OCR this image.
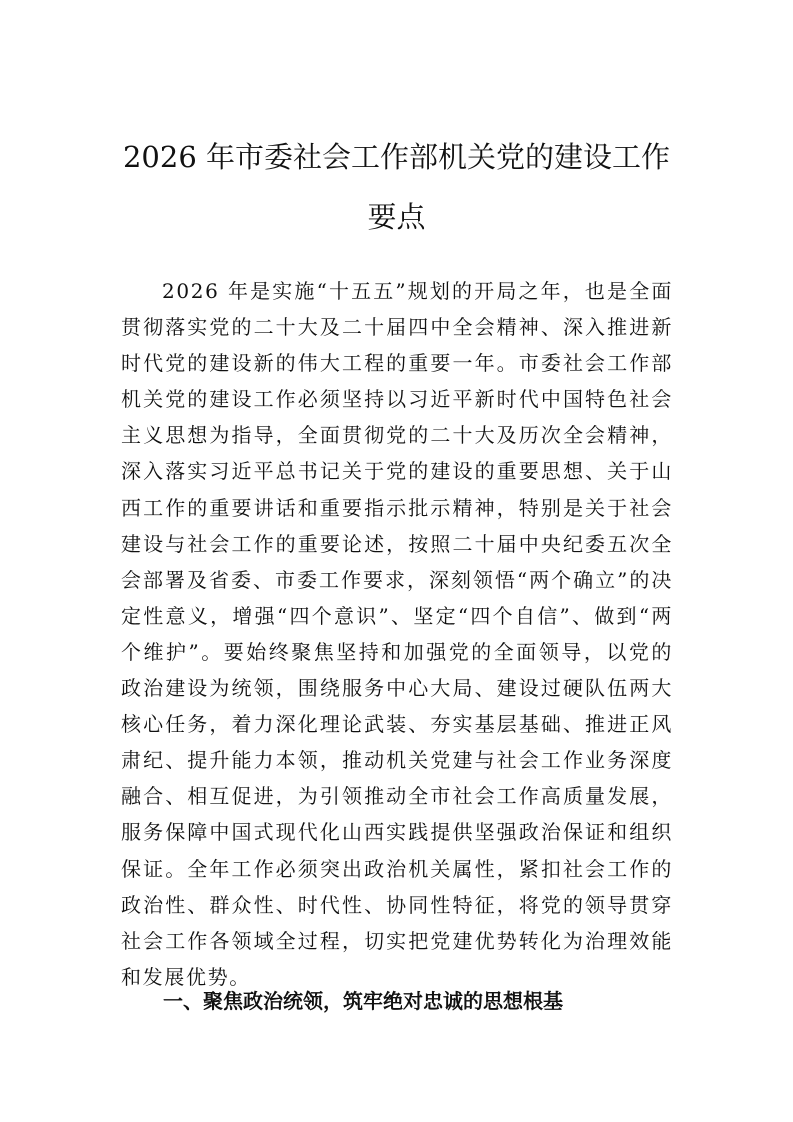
2026 年市委社会工作部机关党的建设工作
要点

2026 年是实施“十五五”规划的开局之年，也是全面贯彻落实党的二十大及二十届四中全会精神、深入推进新时代党的建设新的伟大工程的重要一年。市委社会工作部机关党的建设工作必须坚持以习近平新时代中国特色社会主义思想为指导，全面贯彻党的二十大及历次全会精神，深入落实习近平总书记关于党的建设的重要思想、关于山西工作的重要讲话和重要指示批示精神，特别是关于社会建设与社会工作的重要论述，按照二十届中央纪委五次全会部署及省委、市委工作要求，深刻领悟“两个确立”的决定性意义，增强“四个意识”、坚定“四个自信”、做到“两个维护”。要始终聚焦坚持和加强党的全面领导，以党的政治建设为统领，围绕服务中心大局、建设过硬队伍两大核心任务，着力深化理论武装、夯实基层基础、推进正风肃纪、提升能力本领，推动机关党建与社会工作业务深度融合、相互促进，为引领推动全市社会工作高质量发展，服务保障中国式现代化山西实践提供坚强政治保证和组织保证。全年工作必须突出政治机关属性，紧扣社会工作的政治性、群众性、时代性、协同性特征，将党的领导贯穿社会工作各领域全过程，切实把党建优势转化为治理效能和发展优势。

一、聚焦政治统领，筑牢绝对忠诚的思想根基
